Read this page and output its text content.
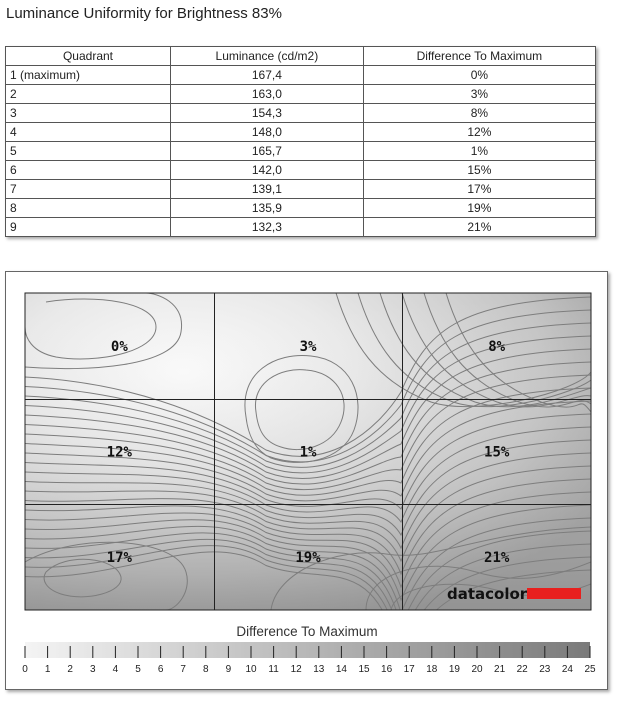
Luminance Uniformity for Brightness 83%
Quadrant	Luminance (cd/m2)	Difference To Maximum
1 (maximum)	167,4	0%
2	163,0	3%
3	154,3	8%
4	148,0	12%
5	165,7	1%
6	142,0	15%
7	139,1	17%
8	135,9	19%
9	132,3	21%
0%	3%	8%
12%	1%	15%
17%	19%	21%
datacolor
Difference To Maximum
0 1 2 3 4 5 6 7 8 9 10 11 12 13 14 15 16 17 18 19 20 21 22 23 24 25
